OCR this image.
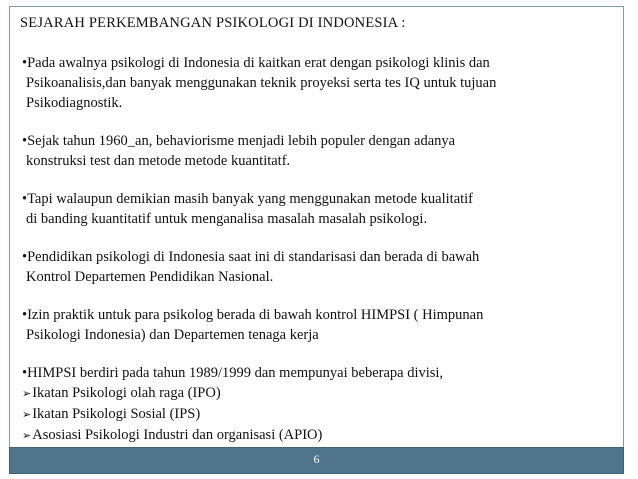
SEJARAH PERKEMBANGAN PSIKOLOGI DI INDONESIA :
•Pada awalnya psikologi di Indonesia di kaitkan erat dengan psikologi klinis dan
Psikoanalisis,dan banyak menggunakan teknik proyeksi serta tes IQ untuk tujuan
Psikodiagnostik.
•Sejak tahun 1960_an, behaviorisme menjadi lebih populer dengan adanya
konstruksi test dan metode metode kuantitatf.
•Tapi walaupun demikian masih banyak yang menggunakan metode kualitatif
di banding kuantitatif untuk menganalisa masalah masalah psikologi.
•Pendidikan psikologi di Indonesia saat ini di standarisasi dan berada di bawah
Kontrol Departemen Pendidikan Nasional.
•Izin praktik untuk para psikolog berada di bawah kontrol HIMPSI ( Himpunan
Psikologi Indonesia) dan Departemen tenaga kerja
•HIMPSI berdiri pada tahun 1989/1999 dan mempunyai beberapa divisi,
➢Ikatan Psikologi olah raga (IPO)
➢Ikatan Psikologi Sosial (IPS)
➢Asosiasi Psikologi Industri dan organisasi (APIO)
6
